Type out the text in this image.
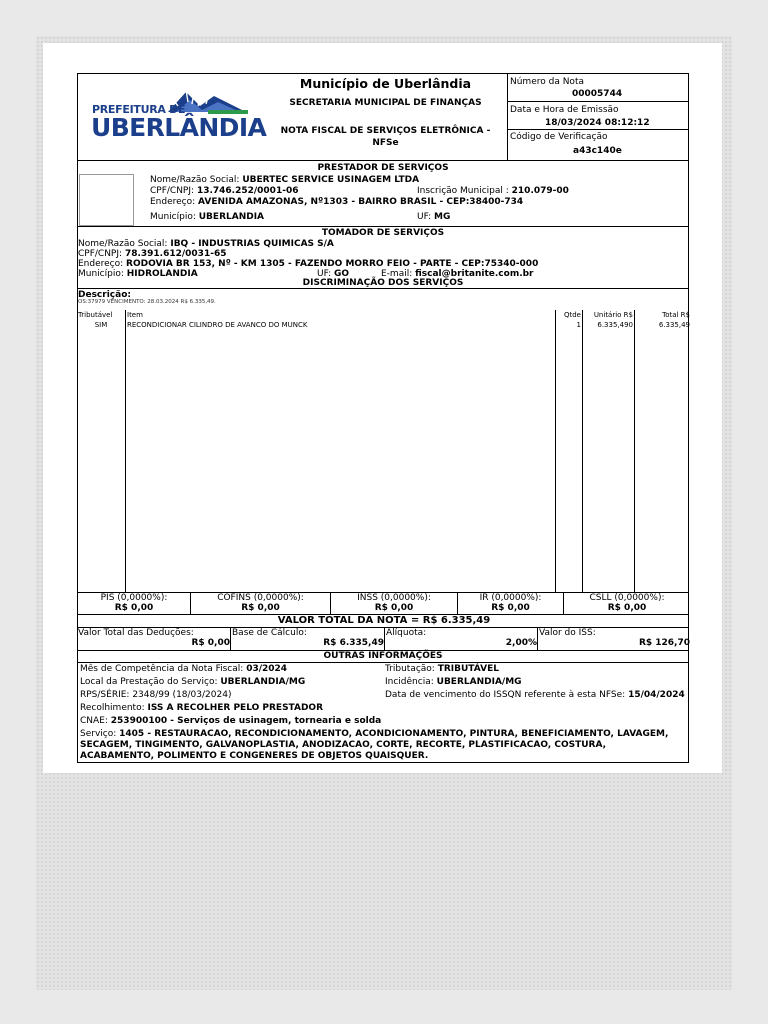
PREFEITURA DE
UBERLÂNDIA
Município de Uberlândia
SECRETARIA MUNICIPAL DE FINANÇAS
NOTA FISCAL DE SERVIÇOS ELETRÔNICA - NFSe
Número da Nota
00005744
Data e Hora de Emissão
18/03/2024 08:12:12
Código de Verificação
a43c140e
PRESTADOR DE SERVIÇOS
Nome/Razão Social: UBERTEC SERVICE USINAGEM LTDA
CPF/CNPJ: 13.746.252/0001-06	Inscrição Municipal : 210.079-00
Endereço: AVENIDA AMAZONAS, Nº1303 - BAIRRO BRASIL - CEP:38400-734
Município: UBERLANDIA	UF: MG
TOMADOR DE SERVIÇOS
Nome/Razão Social: IBQ - INDUSTRIAS QUIMICAS S/A
CPF/CNPJ: 78.391.612/0031-65
Endereço: RODOVIA BR 153, Nº - KM 1305 - FAZENDO MORRO FEIO - PARTE - CEP:75340-000
Município: HIDROLANDIA	UF: GO	E-mail: fiscal@britanite.com.br
DISCRIMINAÇÃO DOS SERVIÇOS
Descrição:
OS:37979 VENCIMENTO: 28.03.2024 R$ 6.335,49.
Tributável	Item	Qtde	Unitário R$	Total R$
SIM	RECONDICIONAR CILINDRO DE AVANCO DO MUNCK	1	6.335,490	6.335,49
PIS (0,0000%):
R$ 0,00
COFINS (0,0000%):
R$ 0,00
INSS (0,0000%):
R$ 0,00
IR (0,0000%):
R$ 0,00
CSLL (0,0000%):
R$ 0,00
VALOR TOTAL DA NOTA = R$ 6.335,49
Valor Total das Deduções:
R$ 0,00
Base de Cálculo:
R$ 6.335,49
Alíquota:
2,00%
Valor do ISS:
R$ 126,70
OUTRAS INFORMAÇÕES
Mês de Competência da Nota Fiscal: 03/2024	Tributação: TRIBUTÁVEL
Local da Prestação do Serviço: UBERLANDIA/MG	Incidência: UBERLANDIA/MG
RPS/SÉRIE: 2348/99 (18/03/2024)	Data de vencimento do ISSQN referente à esta NFSe: 15/04/2024
Recolhimento: ISS A RECOLHER PELO PRESTADOR
CNAE: 253900100 - Serviços de usinagem, tornearia e solda
Serviço: 1405 - RESTAURACAO, RECONDICIONAMENTO, ACONDICIONAMENTO, PINTURA, BENEFICIAMENTO, LAVAGEM, SECAGEM, TINGIMENTO, GALVANOPLASTIA, ANODIZACAO, CORTE, RECORTE, PLASTIFICACAO, COSTURA, ACABAMENTO, POLIMENTO E CONGENERES DE OBJETOS QUAISQUER.
